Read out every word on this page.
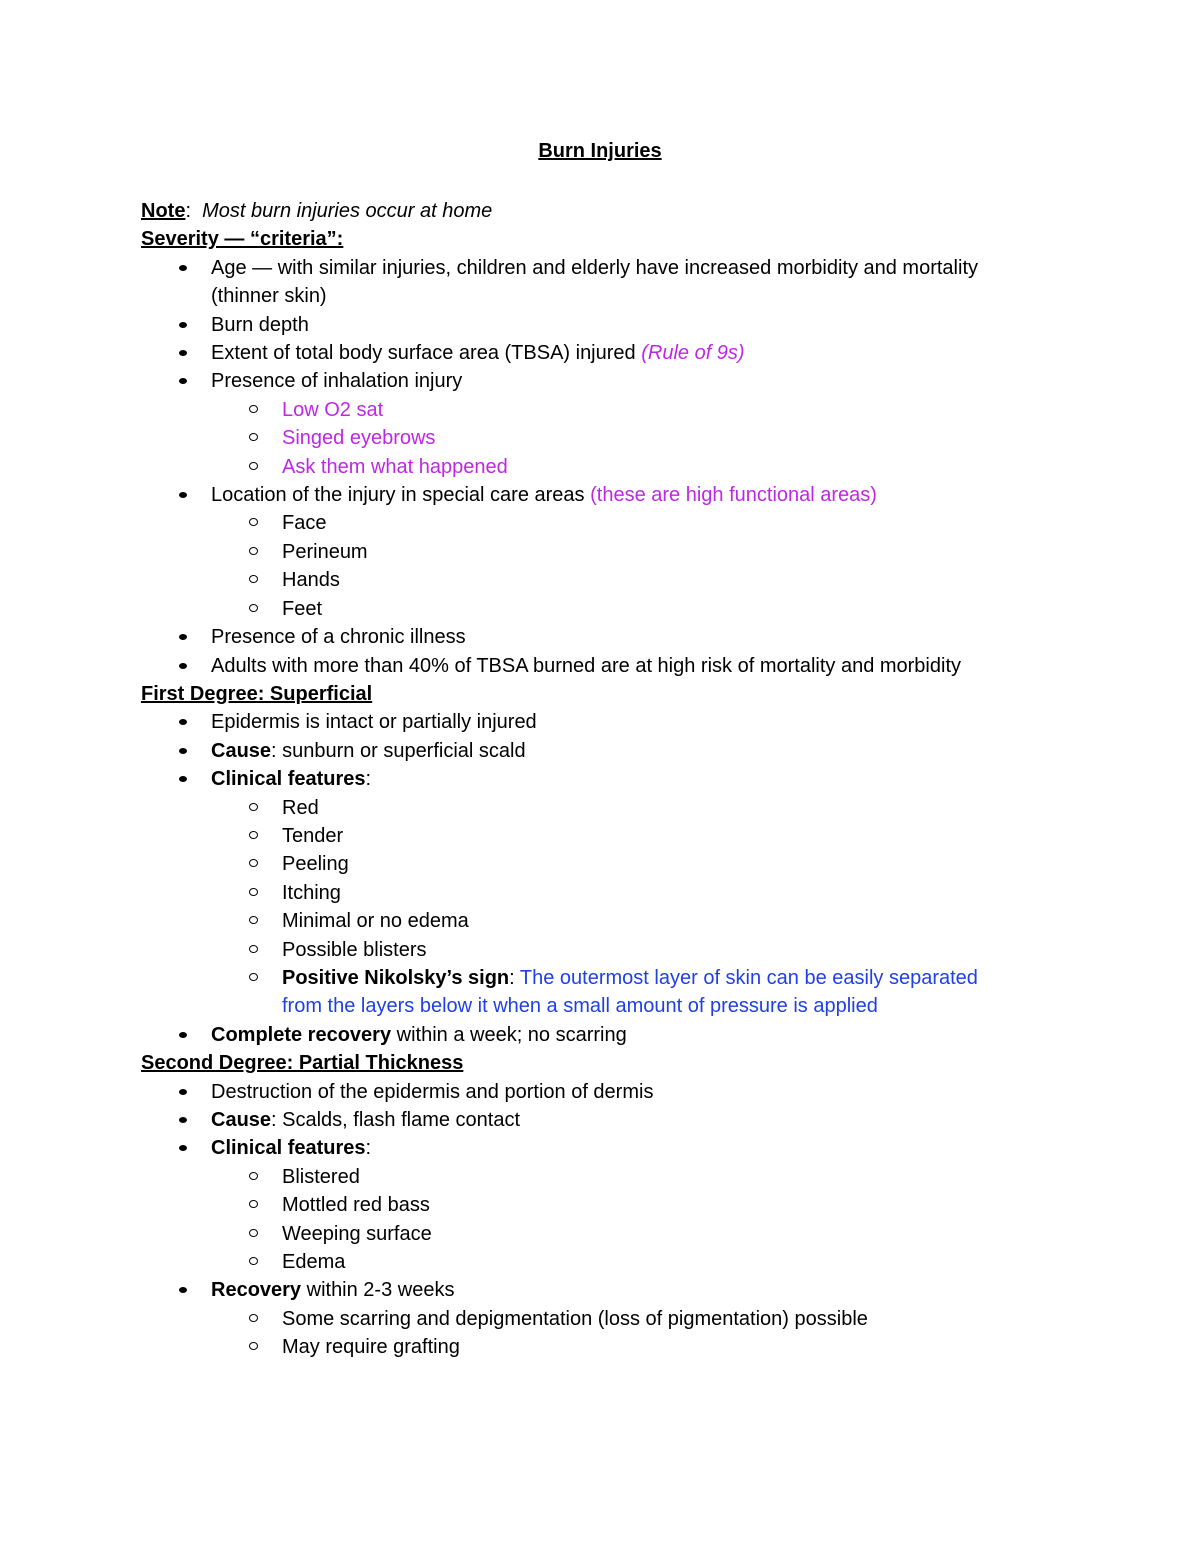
Burn Injuries
Note: Most burn injuries occur at home
Severity — “criteria”:
Age — with similar injuries, children and elderly have increased morbidity and mortality
(thinner skin)
Burn depth
Extent of total body surface area (TBSA) injured (Rule of 9s)
Presence of inhalation injury
Low O2 sat
Singed eyebrows
Ask them what happened
Location of the injury in special care areas (these are high functional areas)
Face
Perineum
Hands
Feet
Presence of a chronic illness
Adults with more than 40% of TBSA burned are at high risk of mortality and morbidity
First Degree: Superficial
Epidermis is intact or partially injured
Cause: sunburn or superficial scald
Clinical features:
Red
Tender
Peeling
Itching
Minimal or no edema
Possible blisters
Positive Nikolsky’s sign: The outermost layer of skin can be easily separated
from the layers below it when a small amount of pressure is applied
Complete recovery within a week; no scarring
Second Degree: Partial Thickness
Destruction of the epidermis and portion of dermis
Cause: Scalds, flash flame contact
Clinical features:
Blistered
Mottled red bass
Weeping surface
Edema
Recovery within 2-3 weeks
Some scarring and depigmentation (loss of pigmentation) possible
May require grafting
